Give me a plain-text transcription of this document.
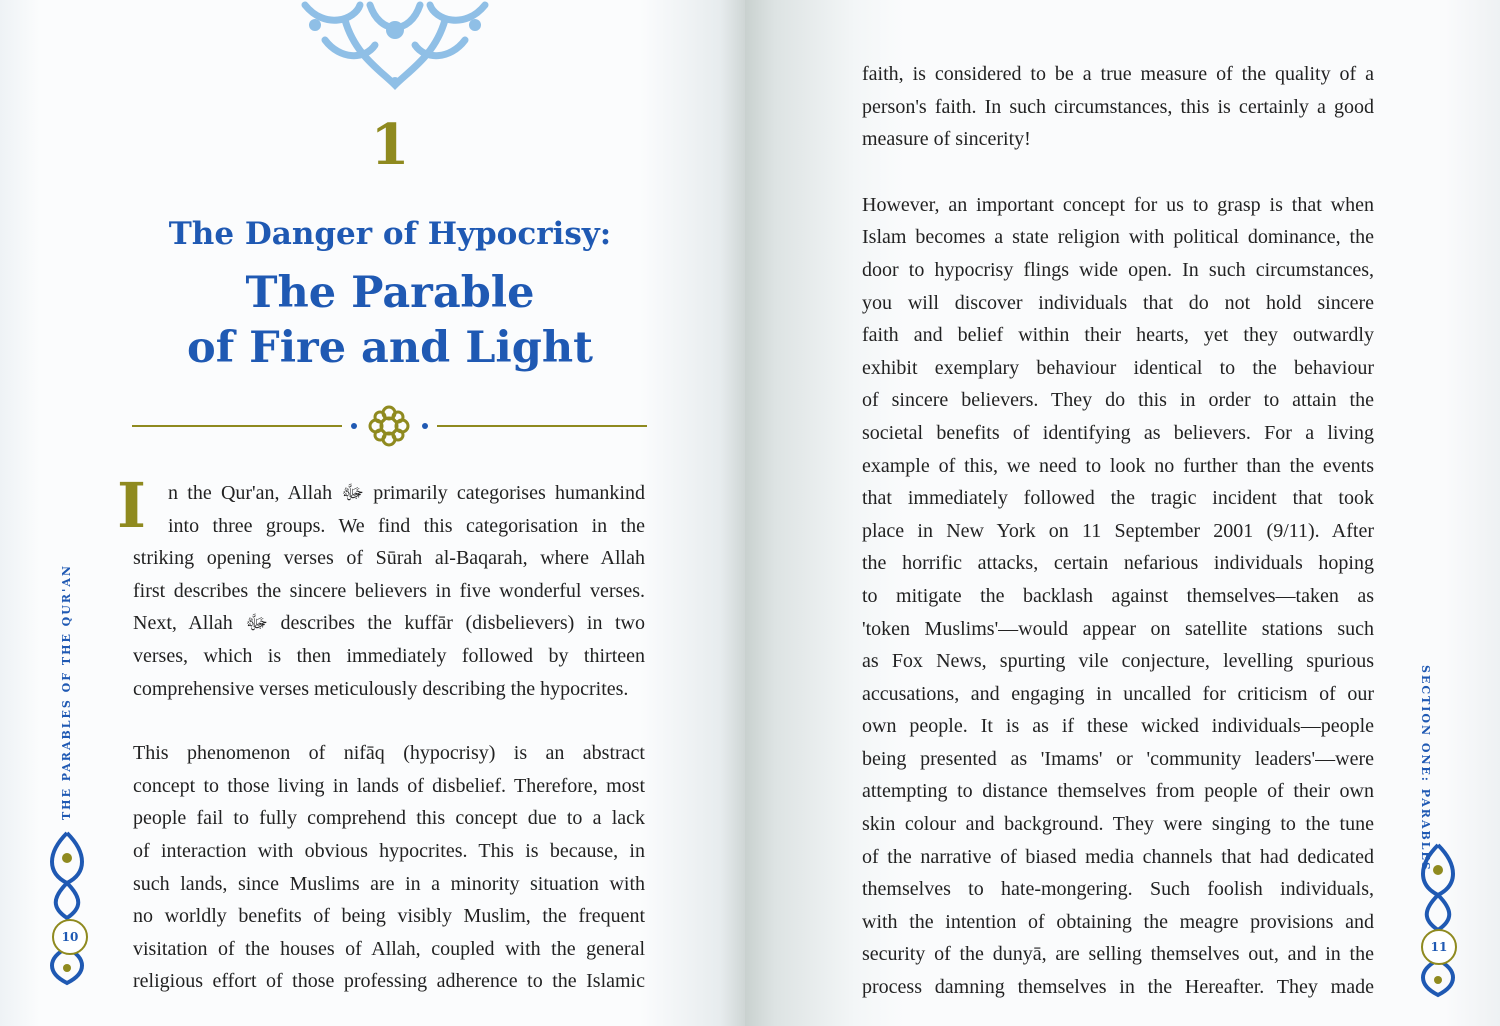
1
The Danger of Hypocrisy:
The Parable
of Fire and Light
I	n the Qur'an, Allah ﷻ primarily categorises humankind
into three groups. We find this categorisation in the
striking opening verses of Sūrah al-Baqarah, where Allah
first describes the sincere believers in five wonderful verses.
Next, Allah ﷻ describes the kuffār (disbelievers) in two
verses, which is then immediately followed by thirteen
comprehensive verses meticulously describing the hypocrites.
This phenomenon of nifāq (hypocrisy) is an abstract
concept to those living in lands of disbelief. Therefore, most
people fail to fully comprehend this concept due to a lack
of interaction with obvious hypocrites. This is because, in
such lands, since Muslims are in a minority situation with
no worldly benefits of being visibly Muslim, the frequent
visitation of the houses of Allah, coupled with the general
religious effort of those professing adherence to the Islamic
THE PARABLES OF THE QUR'AN
10
faith, is considered to be a true measure of the quality of a
person's faith. In such circumstances, this is certainly a good
measure of sincerity!
However, an important concept for us to grasp is that when
Islam becomes a state religion with political dominance, the
door to hypocrisy flings wide open. In such circumstances,
you will discover individuals that do not hold sincere
faith and belief within their hearts, yet they outwardly
exhibit exemplary behaviour identical to the behaviour
of sincere believers. They do this in order to attain the
societal benefits of identifying as believers. For a living
example of this, we need to look no further than the events
that immediately followed the tragic incident that took
place in New York on 11 September 2001 (9/11). After
the horrific attacks, certain nefarious individuals hoping
to mitigate the backlash against themselves—taken as
'token Muslims'—would appear on satellite stations such
as Fox News, spurting vile conjecture, levelling spurious
accusations, and engaging in uncalled for criticism of our
own people. It is as if these wicked individuals—people
being presented as 'Imams' or 'community leaders'—were
attempting to distance themselves from people of their own
skin colour and background. They were singing to the tune
of the narrative of biased media channels that had dedicated
themselves to hate-mongering. Such foolish individuals,
with the intention of obtaining the meagre provisions and
security of the dunyā, are selling themselves out, and in the
process damning themselves in the Hereafter. They made
SECTION ONE: PARABLES
11
